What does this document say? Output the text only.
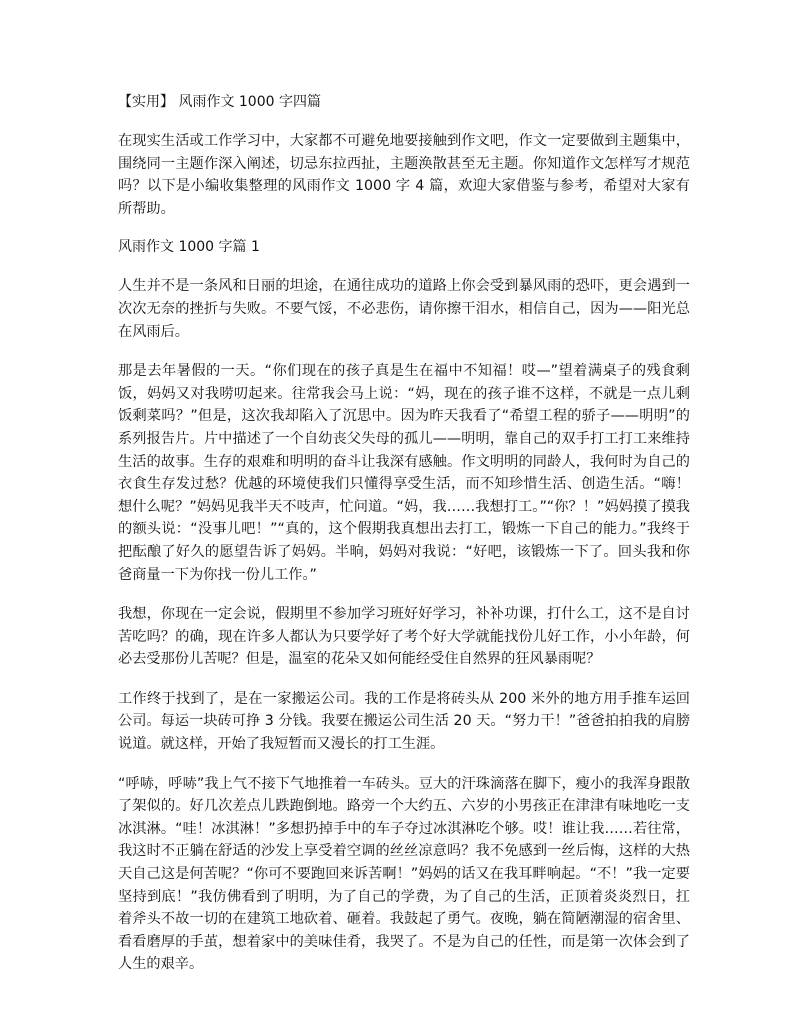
【实用】 风雨作文 1000 字四篇

在现实生活或工作学习中，大家都不可避免地要接触到作文吧，作文一定要做到主题集中，围绕同一主题作深入阐述，切忌东拉西扯，主题涣散甚至无主题。你知道作文怎样写才规范吗？以下是小编收集整理的风雨作文 1000 字 4 篇，欢迎大家借鉴与参考，希望对大家有所帮助。

风雨作文 1000 字篇 1

人生并不是一条风和日丽的坦途，在通往成功的道路上你会受到暴风雨的恐吓，更会遇到一次次无奈的挫折与失败。不要气馁，不必悲伤，请你擦干泪水，相信自己，因为——阳光总在风雨后。

那是去年暑假的一天。“你们现在的孩子真是生在福中不知福！哎—”望着满桌子的残食剩饭，妈妈又对我唠叨起来。往常我会马上说：“妈，现在的孩子谁不这样，不就是一点儿剩饭剩菜吗？”但是，这次我却陷入了沉思中。因为昨天我看了“希望工程的骄子——明明”的系列报告片。片中描述了一个自幼丧父失母的孤儿——明明，靠自己的双手打工打工来维持生活的故事。生存的艰难和明明的奋斗让我深有感触。作文明明的同龄人，我何时为自己的衣食生存发过愁？优越的环境使我们只懂得享受生活，而不知珍惜生活、创造生活。“嗨！想什么呢？”妈妈见我半天不吱声，忙问道。“妈，我……我想打工。”“你？！”妈妈摸了摸我的额头说：“没事儿吧！”“真的，这个假期我真想出去打工，锻炼一下自己的能力。”我终于把酝酿了好久的愿望告诉了妈妈。半晌，妈妈对我说：“好吧，该锻炼一下了。回头我和你爸商量一下为你找一份儿工作。”

我想，你现在一定会说，假期里不参加学习班好好学习，补补功课，打什么工，这不是自讨苦吃吗？的确，现在许多人都认为只要学好了考个好大学就能找份儿好工作，小小年龄，何必去受那份儿苦呢？但是，温室的花朵又如何能经受住自然界的狂风暴雨呢？

工作终于找到了，是在一家搬运公司。我的工作是将砖头从 200 米外的地方用手推车运回公司。每运一块砖可挣 3 分钱。我要在搬运公司生活 20 天。“努力干！”爸爸拍拍我的肩膀说道。就这样，开始了我短暂而又漫长的打工生涯。

“呼哧，呼哧”我上气不接下气地推着一车砖头。豆大的汗珠滴落在脚下，瘦小的我浑身跟散了架似的。好几次差点儿跌跑倒地。路旁一个大约五、六岁的小男孩正在津津有味地吃一支冰淇淋。“哇！冰淇淋！”多想扔掉手中的车子夺过冰淇淋吃个够。哎！谁让我……若往常，我这时不正躺在舒适的沙发上享受着空调的丝丝凉意吗？我不免感到一丝后悔，这样的大热天自己这是何苦呢？“你可不要跑回来诉苦啊！”妈妈的话又在我耳畔响起。“不！”我一定要坚持到底！”我仿佛看到了明明，为了自己的学费，为了自己的生活，正顶着炎炎烈日，扛着斧头不故一切的在建筑工地砍着、砸着。我鼓起了勇气。夜晚，躺在简陋潮湿的宿舍里、看看磨厚的手茧，想着家中的美味佳肴，我哭了。不是为自己的任性，而是第一次体会到了人生的艰辛。
